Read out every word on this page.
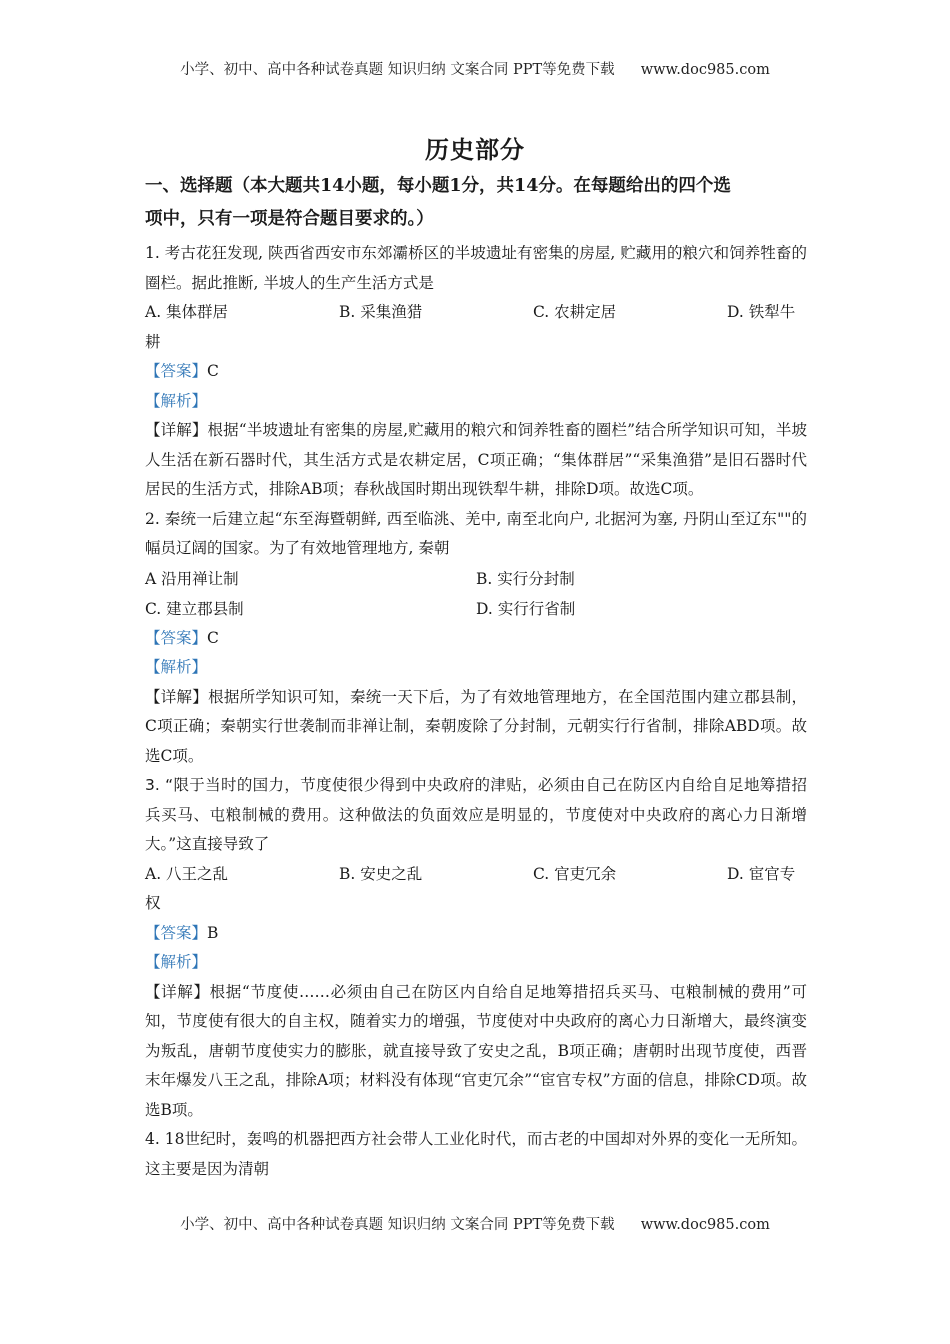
小学、初中、高中各种试卷真题 知识归纳 文案合同 PPT等免费下载 www.doc985.com
历史部分
一、选择题（本大题共14小题，每小题1分，共14分。在每题给出的四个选
项中，只有一项是符合题目要求的。）

1. 考古花狂发现, 陕西省西安市东郊灞桥区的半坡遗址有密集的房屋, 贮藏用的粮穴和饲养牲畜的圈栏。据此推断, 半坡人的生产生活方式是

A. 集体群居	B. 采集渔猎	C. 农耕定居	D. 铁犁牛
耕

【答案】C

【解析】

【详解】根据“半坡遗址有密集的房屋,贮藏用的粮穴和饲养牲畜的圈栏”结合所学知识可知，半坡人生活在新石器时代，其生活方式是农耕定居，C项正确；“集体群居”“采集渔猎”是旧石器时代居民的生活方式，排除AB项；春秋战国时期出现铁犁牛耕，排除D项。故选C项。

2. 秦统一后建立起“东至海暨朝鲜, 西至临洮、羌中, 南至北向户, 北据河为塞, 丹阴山至辽东""的幅员辽阔的国家。为了有效地管理地方, 秦朝

A 沿用禅让制	B. 实行分封制
C. 建立郡县制	D. 实行行省制

【答案】C

【解析】

【详解】根据所学知识可知，秦统一天下后，为了有效地管理地方，在全国范围内建立郡县制，C项正确；秦朝实行世袭制而非禅让制，秦朝废除了分封制，元朝实行行省制，排除ABD项。故选C项。

3. “限于当时的国力，节度使很少得到中央政府的津贴，必须由自己在防区内自给自足地筹措招兵买马、屯粮制械的费用。这种做法的负面效应是明显的，节度使对中央政府的离心力日渐增大。”这直接导致了

A. 八王之乱	B. 安史之乱	C. 官吏冗余	D. 宦官专
权

【答案】B

【解析】

【详解】根据“节度使……必须由自己在防区内自给自足地筹措招兵买马、屯粮制械的费用”可知，节度使有很大的自主权，随着实力的增强，节度使对中央政府的离心力日渐增大，最终演变为叛乱，唐朝节度使实力的膨胀，就直接导致了安史之乱，B项正确；唐朝时出现节度使，西晋末年爆发八王之乱，排除A项；材料没有体现“官吏冗余”“宦官专权”方面的信息，排除CD项。故选B项。

4. 18世纪时，轰鸣的机器把西方社会带人工业化时代，而古老的中国却对外界的变化一无所知。这主要是因为清朝

小学、初中、高中各种试卷真题 知识归纳 文案合同 PPT等免费下载 www.doc985.com
